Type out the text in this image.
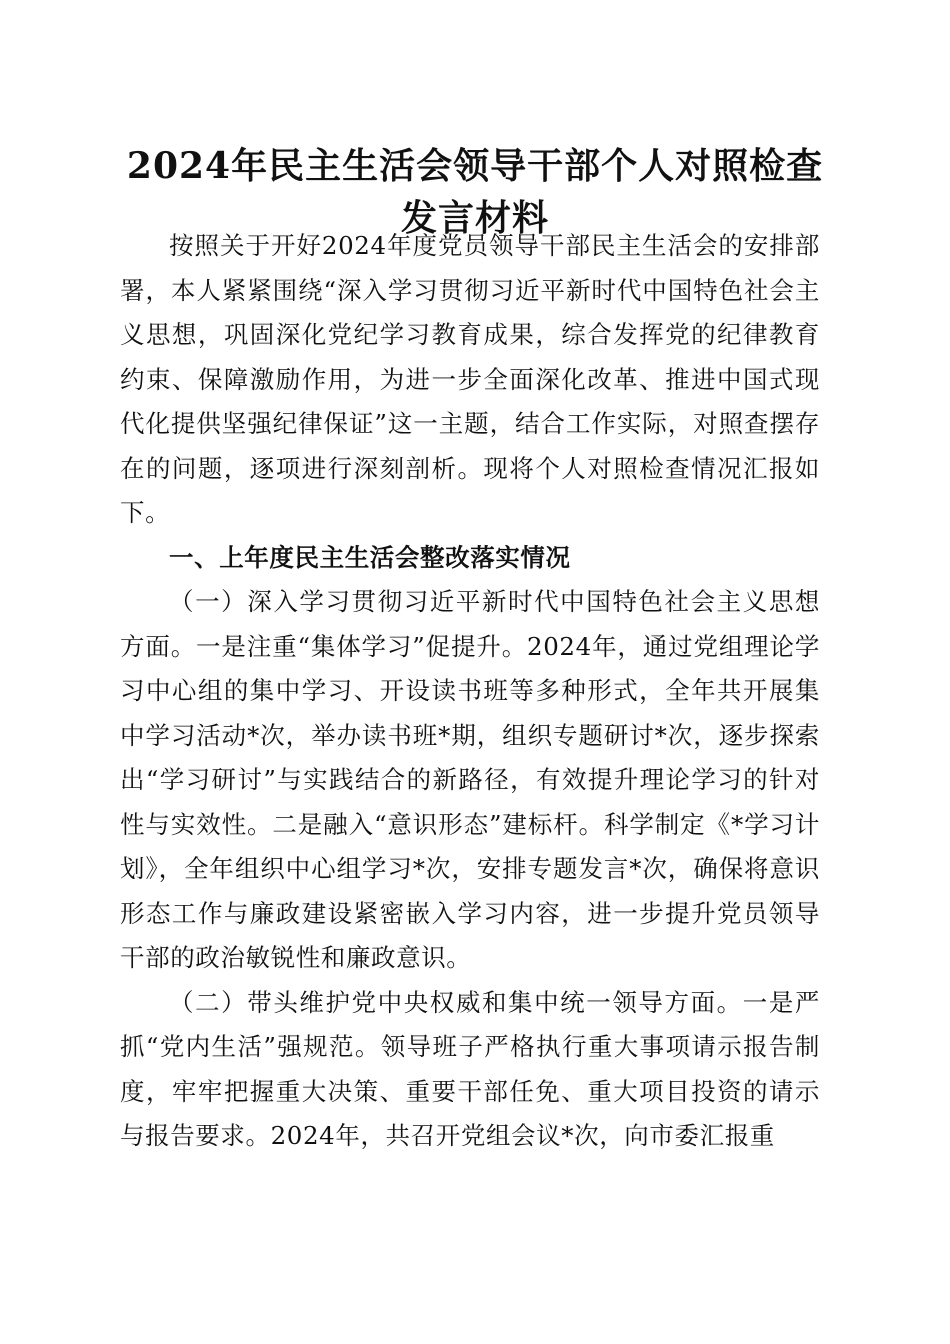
2024年民主生活会领导干部个人对照检查发言材料

按照关于开好2024年度党员领导干部民主生活会的安排部署，本人紧紧围绕“深入学习贯彻习近平新时代中国特色社会主义思想，巩固深化党纪学习教育成果，综合发挥党的纪律教育约束、保障激励作用，为进一步全面深化改革、推进中国式现代化提供坚强纪律保证”这一主题，结合工作实际，对照查摆存在的问题，逐项进行深刻剖析。现将个人对照检查情况汇报如下。

一、上年度民主生活会整改落实情况

（一）深入学习贯彻习近平新时代中国特色社会主义思想方面。一是注重“集体学习”促提升。2024年，通过党组理论学习中心组的集中学习、开设读书班等多种形式，全年共开展集中学习活动*次，举办读书班*期，组织专题研讨*次，逐步探索出“学习研讨”与实践结合的新路径，有效提升理论学习的针对性与实效性。二是融入“意识形态”建标杆。科学制定《*学习计划》，全年组织中心组学习*次，安排专题发言*次，确保将意识形态工作与廉政建设紧密嵌入学习内容，进一步提升党员领导干部的政治敏锐性和廉政意识。

（二）带头维护党中央权威和集中统一领导方面。一是严抓“党内生活”强规范。领导班子严格执行重大事项请示报告制度，牢牢把握重大决策、重要干部任免、重大项目投资的请示与报告要求。2024年，共召开党组会议*次，向市委汇报重
